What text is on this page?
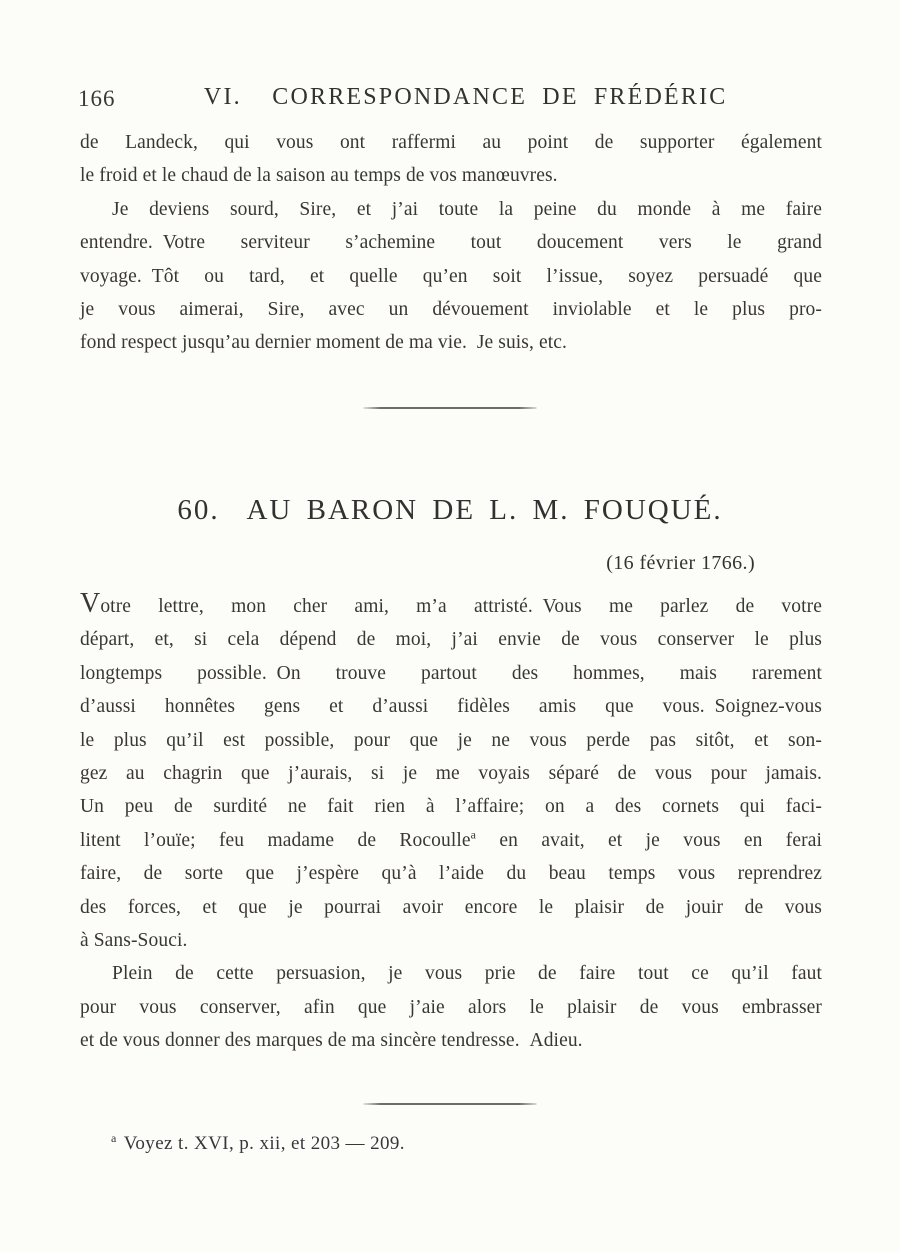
166	VI.  CORRESPONDANCE DE FRÉDÉRIC
de Landeck, qui vous ont raffermi au point de supporter également
le froid et le chaud de la saison au temps de vos manœuvres.
Je deviens sourd, Sire, et j’ai toute la peine du monde à me faire
entendre. Votre serviteur s’achemine tout doucement vers le grand
voyage. Tôt ou tard, et quelle qu’en soit l’issue, soyez persuadé que
je vous aimerai, Sire, avec un dévouement inviolable et le plus pro-
fond respect jusqu’au dernier moment de ma vie. Je suis, etc.
60.  AU BARON DE L. M. FOUQUÉ.
(16 février 1766.)
Votre lettre, mon cher ami, m’a attristé. Vous me parlez de votre
départ, et, si cela dépend de moi, j’ai envie de vous conserver le plus
longtemps possible. On trouve partout des hommes, mais rarement
d’aussi honnêtes gens et d’aussi fidèles amis que vous. Soignez-vous
le plus qu’il est possible, pour que je ne vous perde pas sitôt, et son-
gez au chagrin que j’aurais, si je me voyais séparé de vous pour jamais.
Un peu de surdité ne fait rien à l’affaire; on a des cornets qui faci-
litent l’ouïe; feu madame de Rocoulle$^a$ en avait, et je vous en ferai
faire, de sorte que j’espère qu’à l’aide du beau temps vous reprendrez
des forces, et que je pourrai avoir encore le plaisir de jouir de vous
à Sans-Souci.
Plein de cette persuasion, je vous prie de faire tout ce qu’il faut
pour vous conserver, afin que j’aie alors le plaisir de vous embrasser
et de vous donner des marques de ma sincère tendresse. Adieu.
$^a$ Voyez t. XVI, p. xii, et 203 — 209.
